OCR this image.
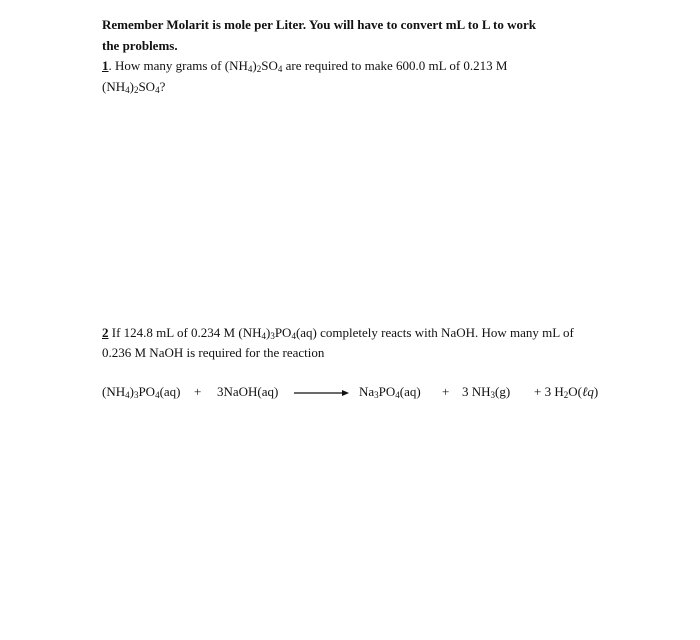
Remember Molarit is mole per Liter. You will have to convert mL to L to work
the problems.
1. How many grams of $(NH_4)_2SO_4$ are required to make 600.0 mL of 0.213 M
$(NH_4)_2SO_4$?
2 If 124.8 mL of 0.234 M $(NH_4)_3PO_4(aq)$ completely reacts with NaOH. How many mL of
0.236 M NaOH is required for the reaction
$(NH_4)_3PO_4(aq)$ + 3NaOH(aq)	$Na_3PO_4(aq) + 3$ $NH_3(g) + 3$ $H_2O(\ell q)$
